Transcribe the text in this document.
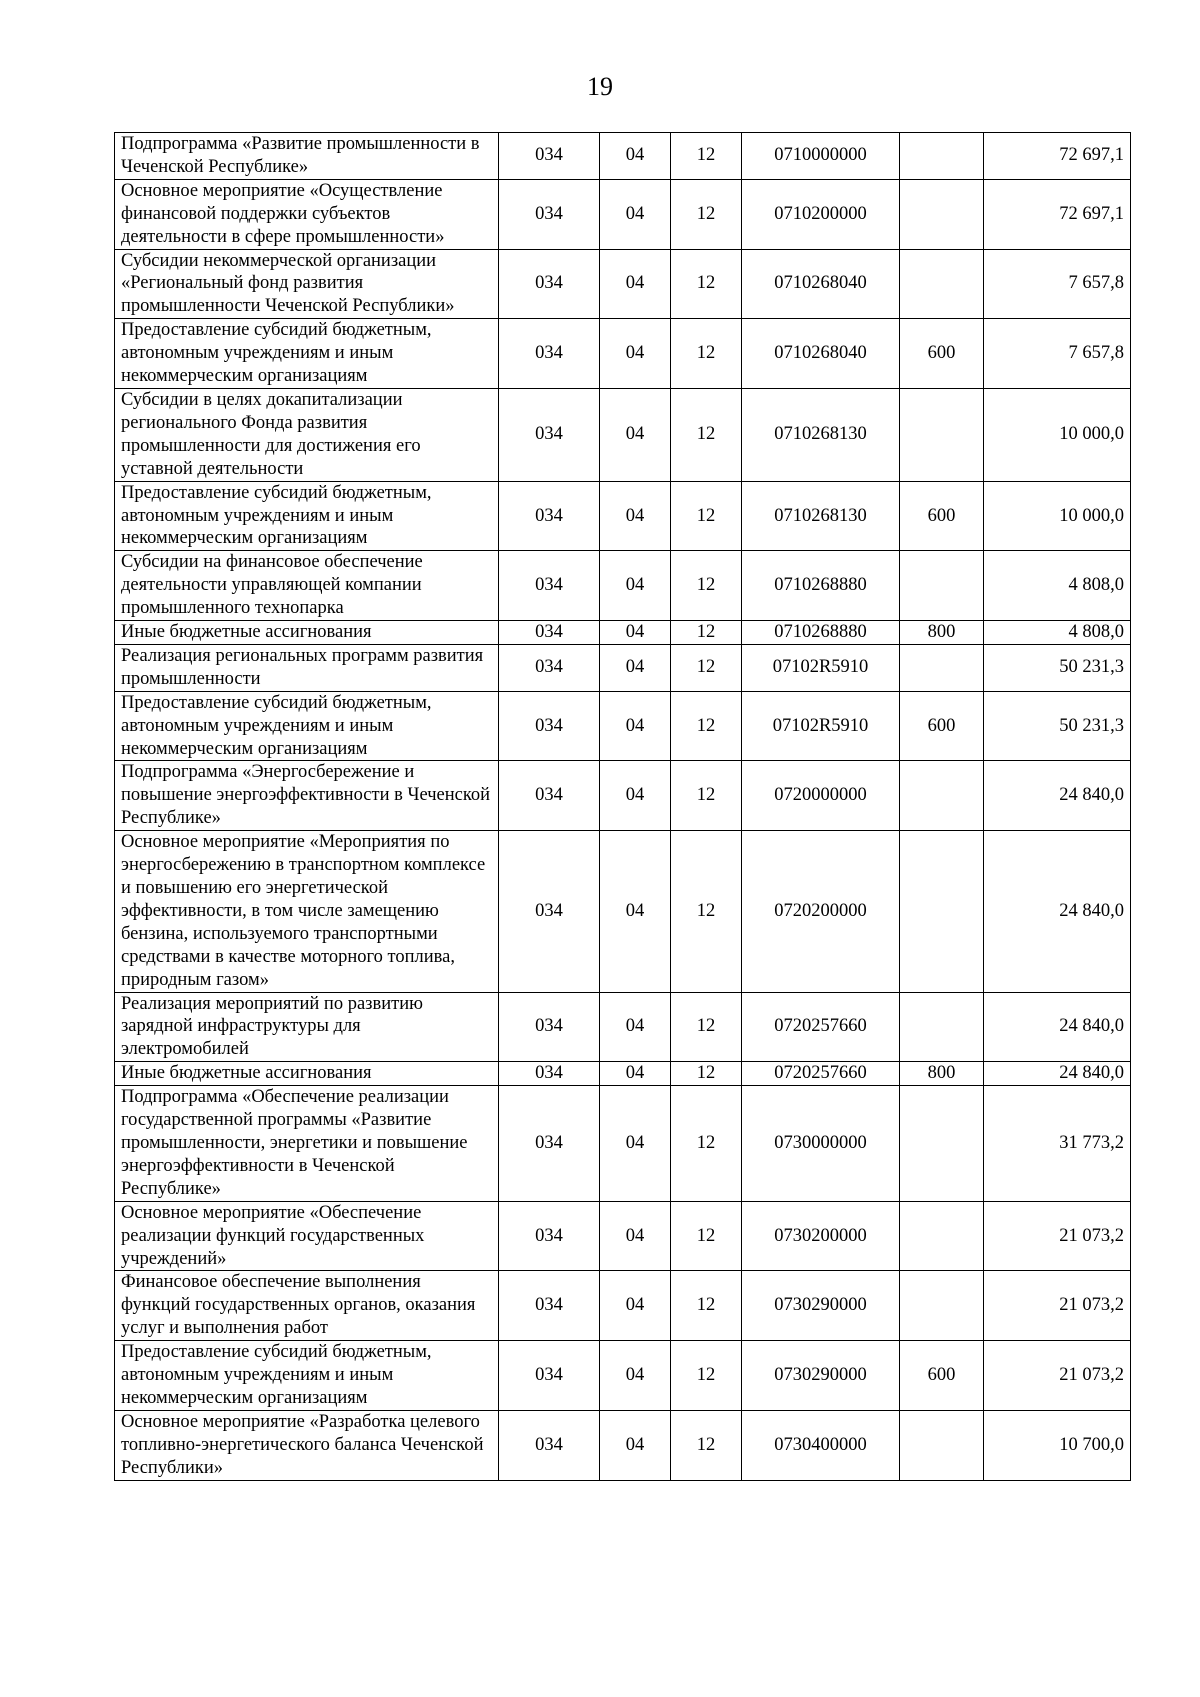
19
Подпрограмма «Развитие промышленности в Чеченской Республике»	034	04	12	0710000000		72 697,1
Основное мероприятие «Осуществление финансовой поддержки субъектов деятельности в сфере промышленности»	034	04	12	0710200000		72 697,1
Субсидии некоммерческой организации «Региональный фонд развития промышленности Чеченской Республики»	034	04	12	0710268040		7 657,8
Предоставление субсидий бюджетным, автономным учреждениям и иным некоммерческим организациям	034	04	12	0710268040	600	7 657,8
Субсидии в целях докапитализации регионального Фонда развития промышленности для достижения его уставной деятельности	034	04	12	0710268130		10 000,0
Предоставление субсидий бюджетным, автономным учреждениям и иным некоммерческим организациям	034	04	12	0710268130	600	10 000,0
Субсидии на финансовое обеспечение деятельности управляющей компании промышленного технопарка	034	04	12	0710268880		4 808,0
Иные бюджетные ассигнования	034	04	12	0710268880	800	4 808,0
Реализация региональных программ развития промышленности	034	04	12	07102R5910		50 231,3
Предоставление субсидий бюджетным, автономным учреждениям и иным некоммерческим организациям	034	04	12	07102R5910	600	50 231,3
Подпрограмма «Энергосбережение и повышение энергоэффективности в Чеченской Республике»	034	04	12	0720000000		24 840,0
Основное мероприятие «Мероприятия по энергосбережению в транспортном комплексе и повышению его энергетической эффективности, в том числе замещению бензина, используемого транспортными средствами в качестве моторного топлива, природным газом»	034	04	12	0720200000		24 840,0
Реализация мероприятий по развитию зарядной инфраструктуры для электромобилей	034	04	12	0720257660		24 840,0
Иные бюджетные ассигнования	034	04	12	0720257660	800	24 840,0
Подпрограмма «Обеспечение реализации государственной программы «Развитие промышленности, энергетики и повышение энергоэффективности в Чеченской Республике»	034	04	12	0730000000		31 773,2
Основное мероприятие «Обеспечение реализации функций государственных учреждений»	034	04	12	0730200000		21 073,2
Финансовое обеспечение выполнения функций государственных органов, оказания услуг и выполнения работ	034	04	12	0730290000		21 073,2
Предоставление субсидий бюджетным, автономным учреждениям и иным некоммерческим организациям	034	04	12	0730290000	600	21 073,2
Основное мероприятие «Разработка целевого топливно-энергетического баланса Чеченской Республики»	034	04	12	0730400000		10 700,0
